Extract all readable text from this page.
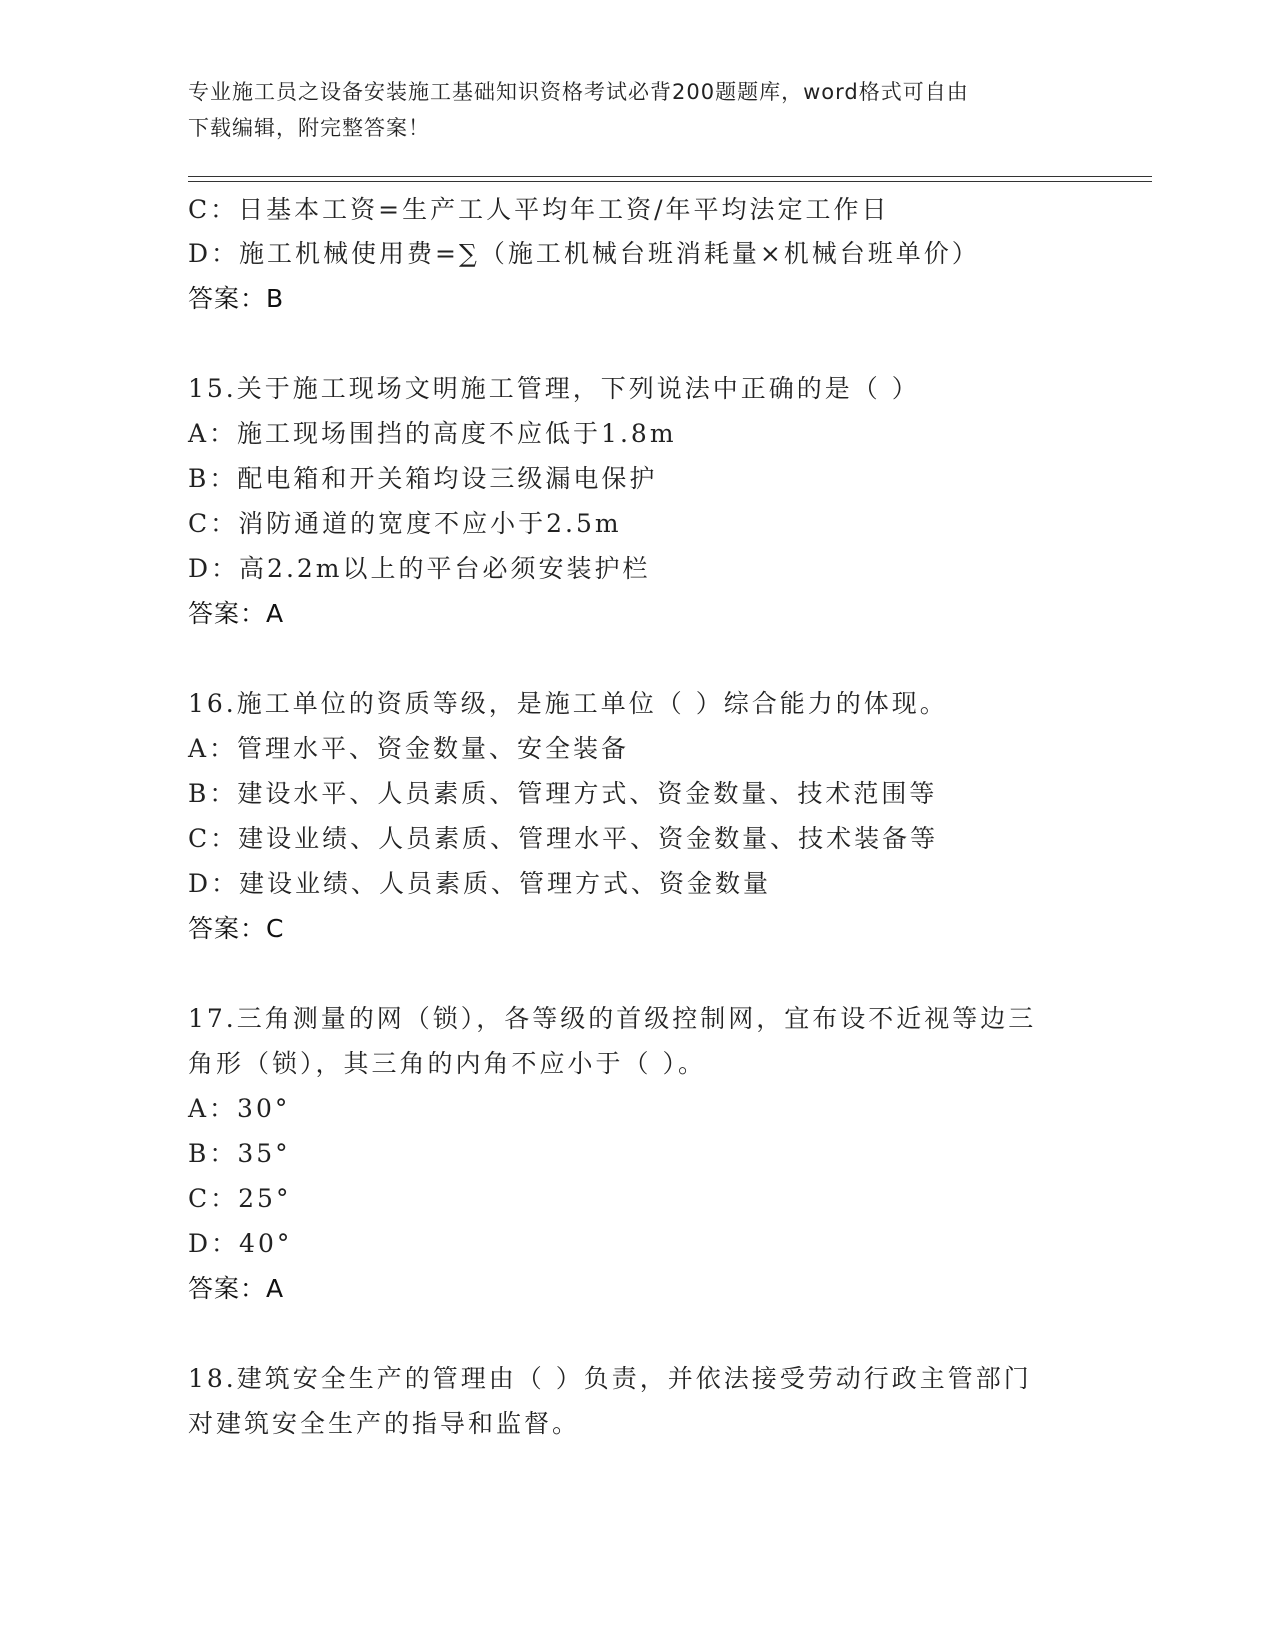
专业施工员之设备安装施工基础知识资格考试必背200题题库，word格式可自由
下载编辑，附完整答案！
C：日基本工资=生产工人平均年工资/年平均法定工作日
D：施工机械使用费=∑（施工机械台班消耗量×机械台班单价）
答案：B
15.关于施工现场文明施工管理，下列说法中正确的是（ ）
A：施工现场围挡的高度不应低于1.8m
B：配电箱和开关箱均设三级漏电保护
C：消防通道的宽度不应小于2.5m
D：高2.2m以上的平台必须安装护栏
答案：A
16.施工单位的资质等级，是施工单位（ ）综合能力的体现。
A：管理水平、资金数量、安全装备
B：建设水平、人员素质、管理方式、资金数量、技术范围等
C：建设业绩、人员素质、管理水平、资金数量、技术装备等
D：建设业绩、人员素质、管理方式、资金数量
答案：C
17.三角测量的网（锁），各等级的首级控制网，宜布设不近视等边三
角形（锁），其三角的内角不应小于（ ）。
A：30°
B：35°
C：25°
D：40°
答案：A
18.建筑安全生产的管理由（ ）负责，并依法接受劳动行政主管部门
对建筑安全生产的指导和监督。
